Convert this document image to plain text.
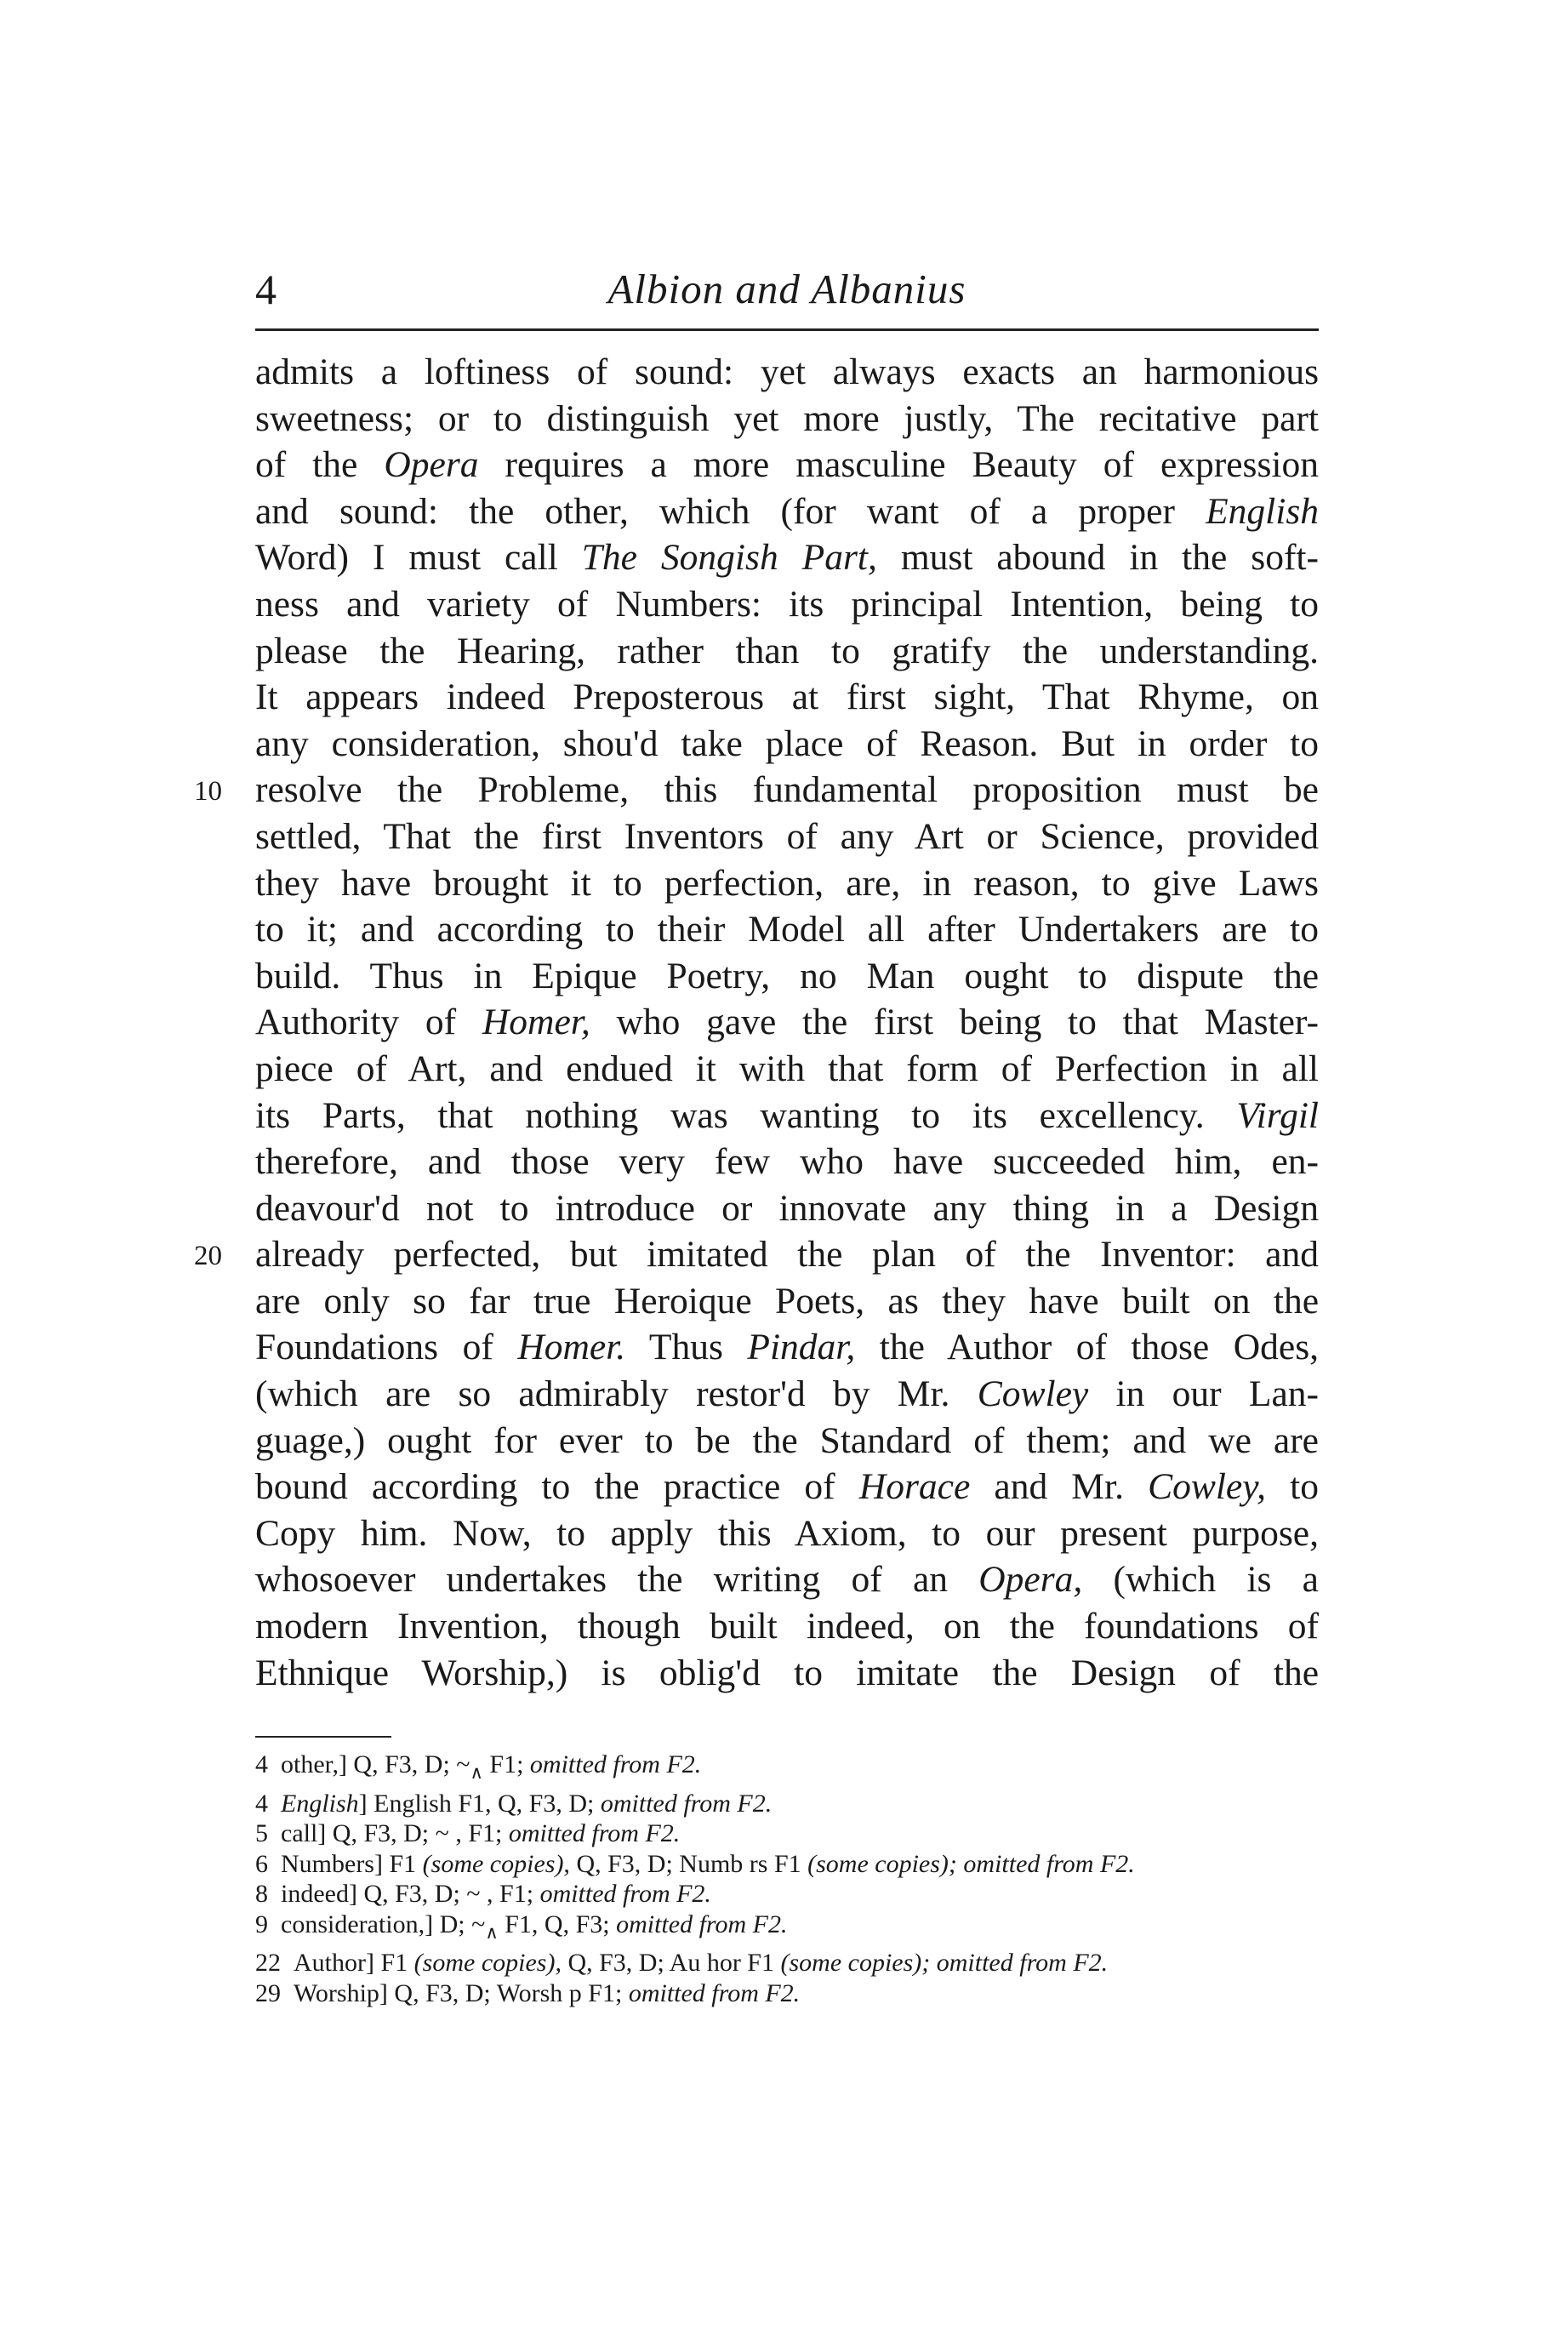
4	Albion and Albanius
admits a loftiness of sound: yet always exacts an harmonious
sweetness; or to distinguish yet more justly, The recitative part
of the Opera requires a more masculine Beauty of expression
and sound: the other, which (for want of a proper English
Word) I must call The Songish Part, must abound in the soft-
ness and variety of Numbers: its principal Intention, being to
please the Hearing, rather than to gratify the understanding.
It appears indeed Preposterous at first sight, That Rhyme, on
any consideration, shou'd take place of Reason. But in order to
10 resolve the Probleme, this fundamental proposition must be
settled, That the first Inventors of any Art or Science, provided
they have brought it to perfection, are, in reason, to give Laws
to it; and according to their Model all after Undertakers are to
build. Thus in Epique Poetry, no Man ought to dispute the
Authority of Homer, who gave the first being to that Master-
piece of Art, and endued it with that form of Perfection in all
its Parts, that nothing was wanting to its excellency. Virgil
therefore, and those very few who have succeeded him, en-
deavour'd not to introduce or innovate any thing in a Design
20 already perfected, but imitated the plan of the Inventor: and
are only so far true Heroique Poets, as they have built on the
Foundations of Homer. Thus Pindar, the Author of those Odes,
(which are so admirably restor'd by Mr. Cowley in our Lan-
guage,) ought for ever to be the Standard of them; and we are
bound according to the practice of Horace and Mr. Cowley, to
Copy him. Now, to apply this Axiom, to our present purpose,
whosoever undertakes the writing of an Opera, (which is a
modern Invention, though built indeed, on the foundations of
Ethnique Worship,) is oblig'd to imitate the Design of the
4  other,] Q, F3, D; $\sim_\wedge$ F1; omitted from F2.
4  English] English F1, Q, F3, D; omitted from F2.
5  call] Q, F3, D; ~ , F1; omitted from F2.
6  Numbers] F1 (some copies), Q, F3, D; Numb rs F1 (some copies); omitted from F2.
8  indeed] Q, F3, D; ~ , F1; omitted from F2.
9  consideration,] D; $\sim_\wedge$ F1, Q, F3; omitted from F2.
22  Author] F1 (some copies), Q, F3, D; Au hor F1 (some copies); omitted from F2.
29  Worship] Q, F3, D; Worsh p F1; omitted from F2.
